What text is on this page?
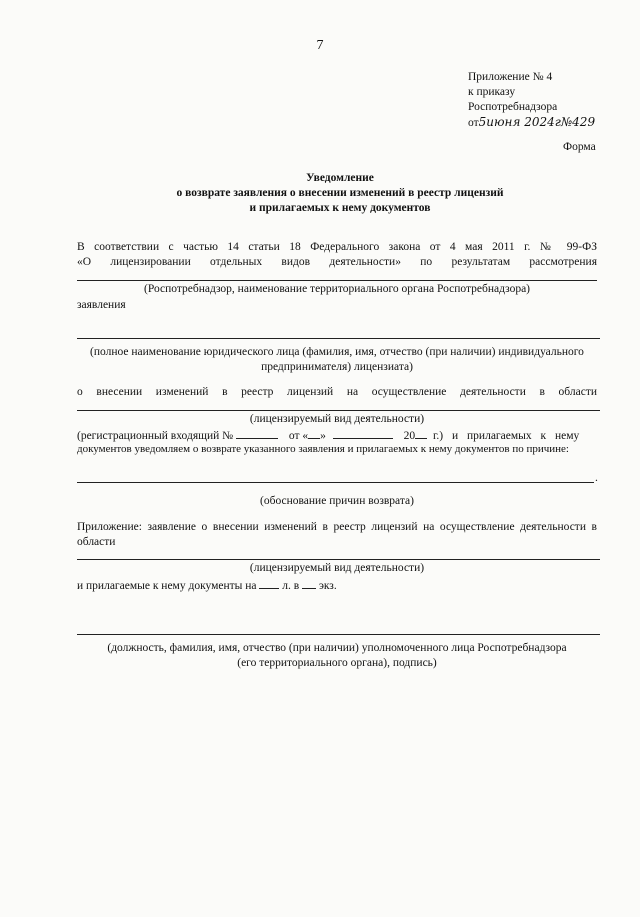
7
Приложение № 4
к приказу
Роспотребнадзора
от5июня 2024г№429
Форма
Уведомление
о возврате заявления о внесении изменений в реестр лицензий
и прилагаемых к нему документов
В соответствии с частью 14 статьи 18 Федерального закона от 4 мая 2011 г. № 99-ФЗ
«О лицензировании отдельных видов деятельности» по результатам рассмотрения
(Роспотребнадзор, наименование территориального органа Роспотребнадзора)
заявления
(полное наименование юридического лица (фамилия, имя, отчество (при наличии) индивидуального
предпринимателя) лицензиата)
о внесении изменений в реестр лицензий на осуществление деятельности в области
(лицензируемый вид деятельности)
(регистрационный входящий №	от « »	20 г.) и прилагаемых к нему
документов уведомляем о возврате указанного заявления и прилагаемых к нему документов по причине:
.
(обоснование причин возврата)
Приложение: заявление о внесении изменений в реестр лицензий на осуществление деятельности в
области
(лицензируемый вид деятельности)
и прилагаемые к нему документы на л. в экз.
(должность, фамилия, имя, отчество (при наличии) уполномоченного лица Роспотребнадзора
(его территориального органа), подпись)
